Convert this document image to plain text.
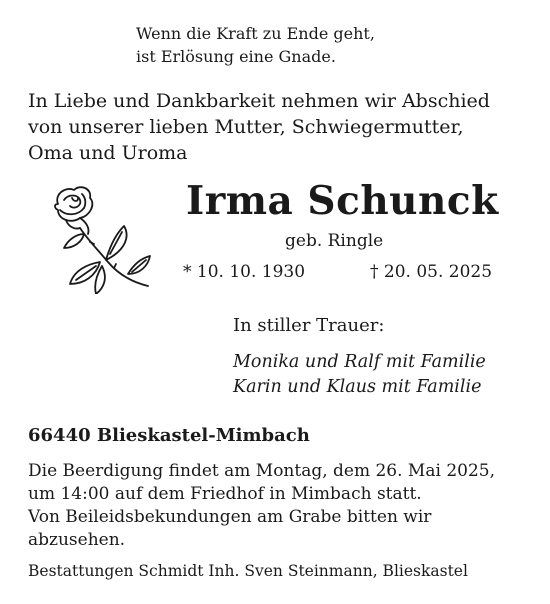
Wenn die Kraft zu Ende geht,
ist Erlösung eine Gnade.
In Liebe und Dankbarkeit nehmen wir Abschied
von unserer lieben Mutter, Schwiegermutter,
Oma und Uroma
Irma Schunck
geb. Ringle
* 10. 10. 1930	† 20. 05. 2025
In stiller Trauer:
Monika und Ralf mit Familie
Karin und Klaus mit Familie
66440 Blieskastel-Mimbach
Die Beerdigung findet am Montag, dem 26. Mai 2025,
um 14:00 auf dem Friedhof in Mimbach statt.
Von Beileidsbekundungen am Grabe bitten wir
abzusehen.
Bestattungen Schmidt Inh. Sven Steinmann, Blieskastel
